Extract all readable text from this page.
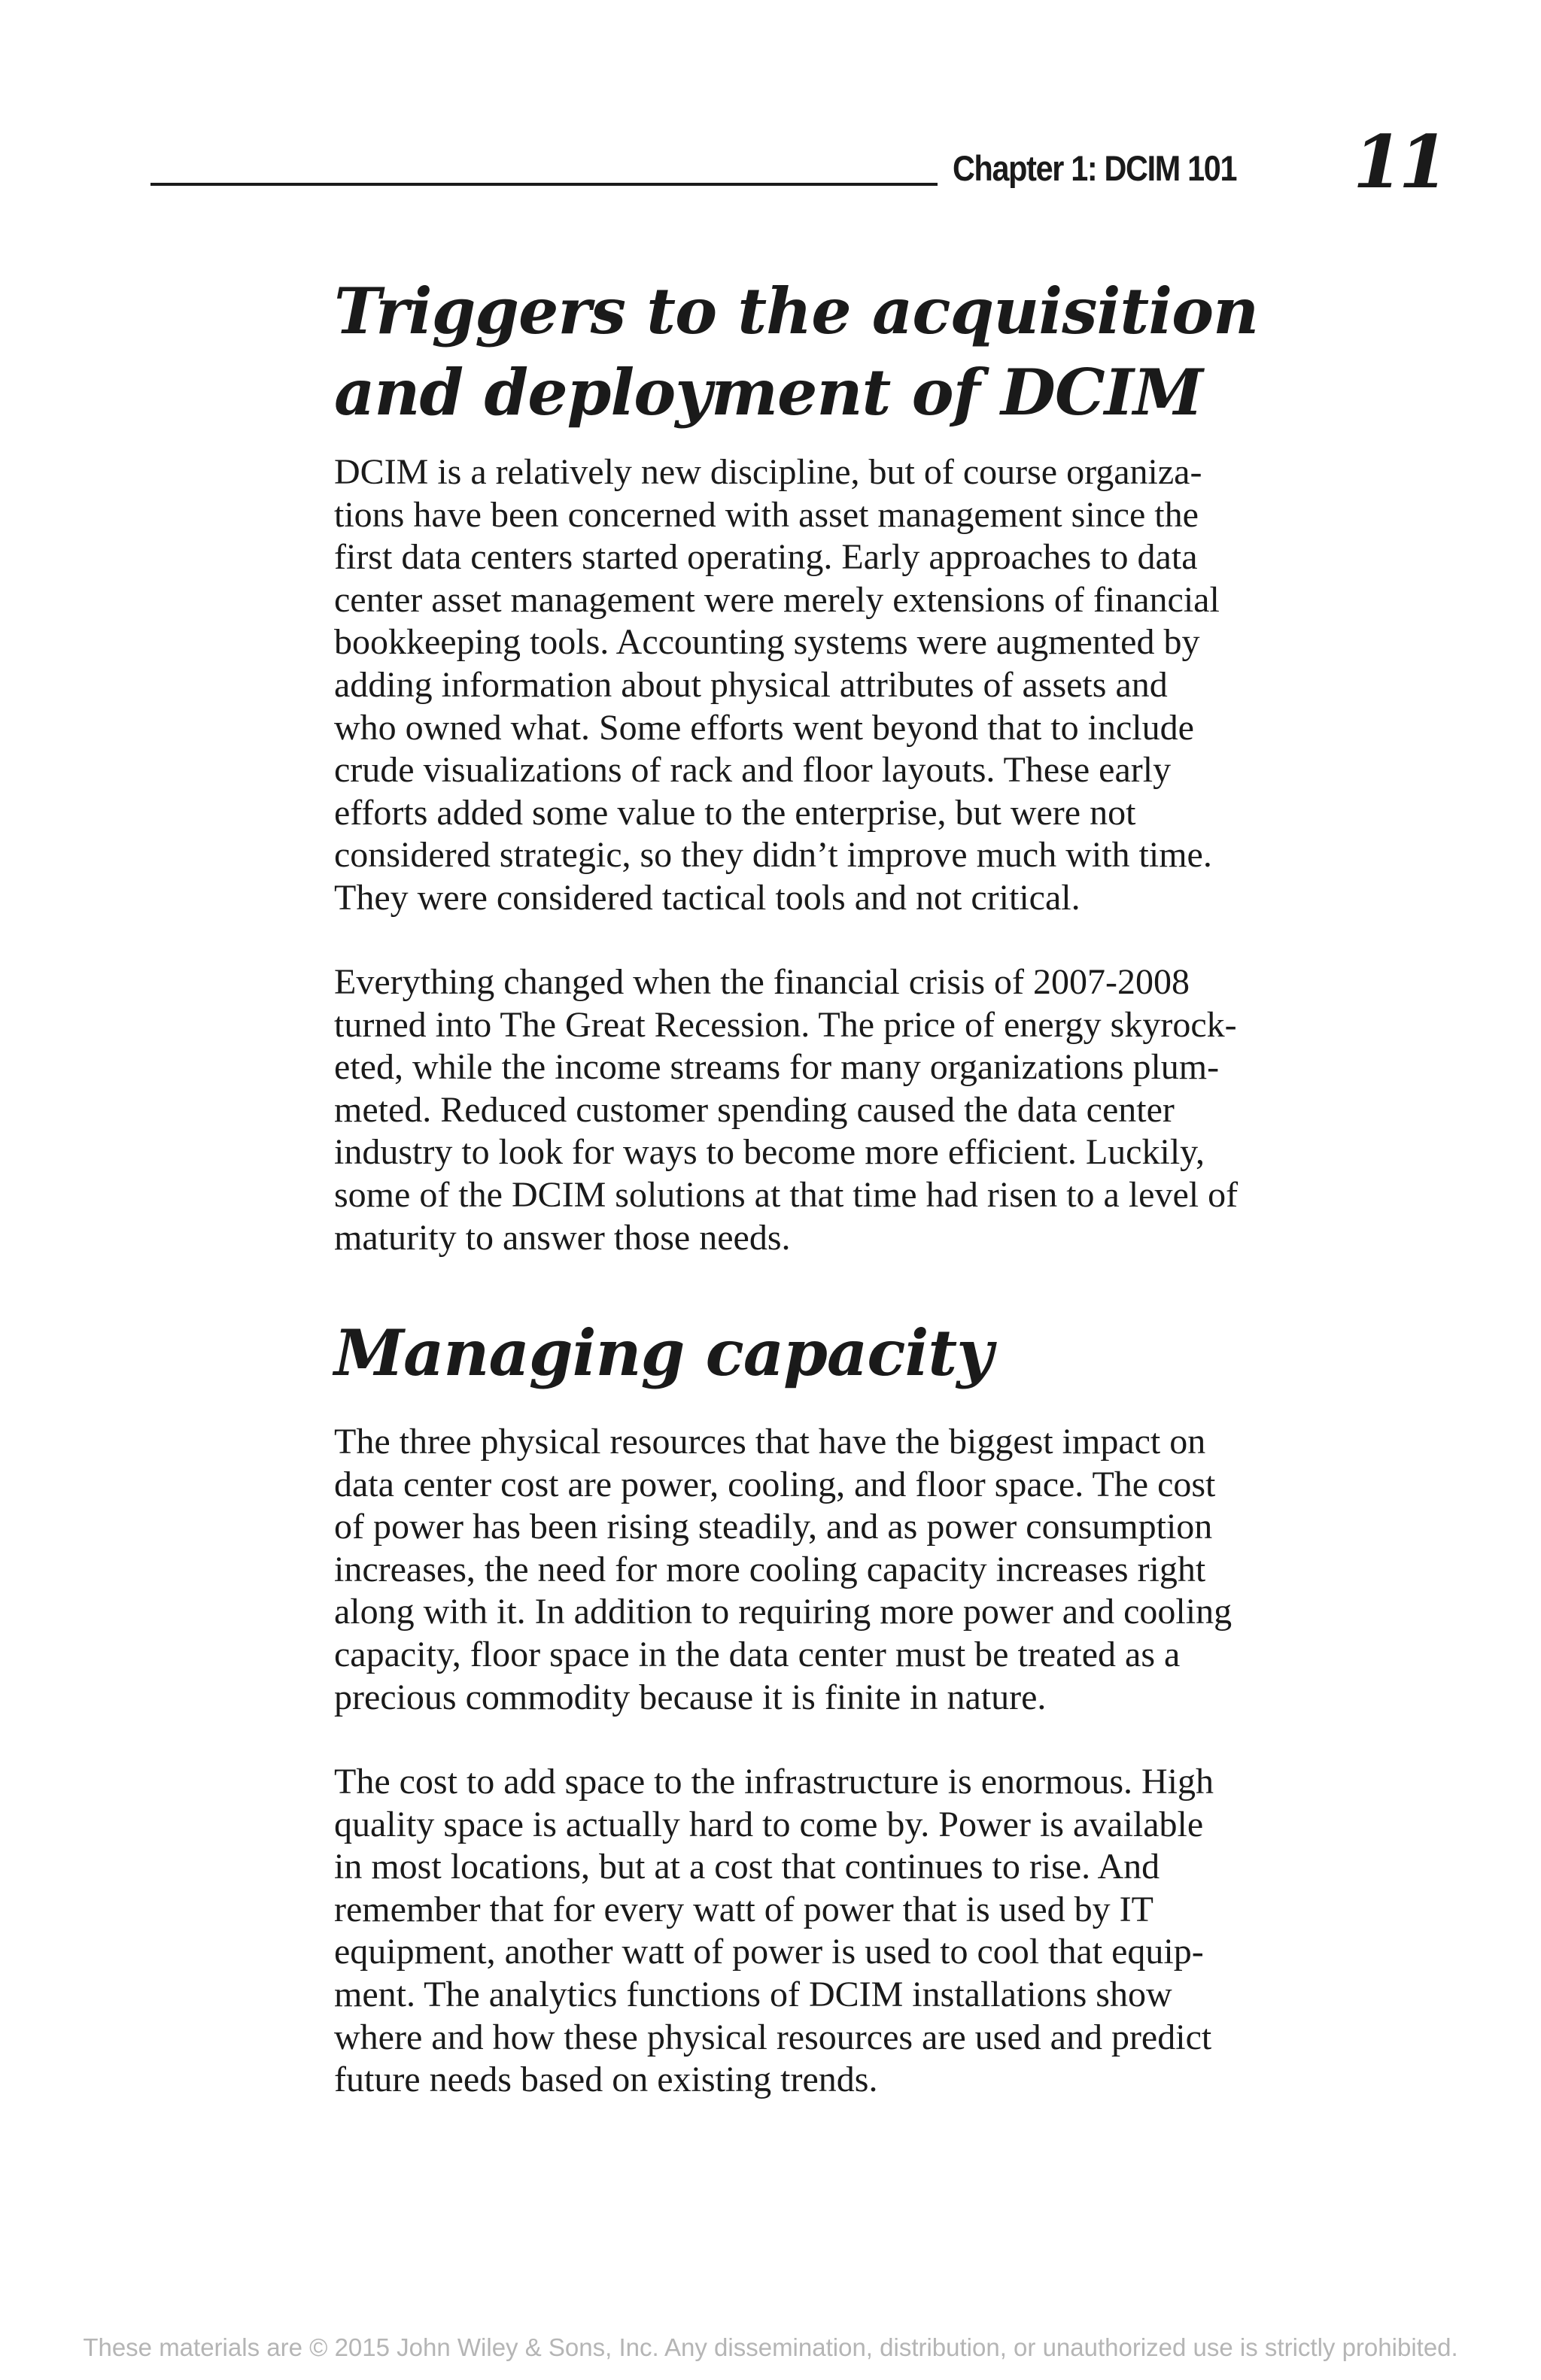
Chapter 1: DCIM 101 11
Triggers to the acquisition
and deployment of DCIM

DCIM is a relatively new discipline, but of course organiza-
tions have been concerned with asset management since the
first data centers started operating. Early approaches to data
center asset management were merely extensions of financial
bookkeeping tools. Accounting systems were augmented by
adding information about physical attributes of assets and
who owned what. Some efforts went beyond that to include
crude visualizations of rack and floor layouts. These early
efforts added some value to the enterprise, but were not
considered strategic, so they didn’t improve much with time.
They were considered tactical tools and not critical.

Everything changed when the financial crisis of 2007-2008
turned into The Great Recession. The price of energy skyrock-
eted, while the income streams for many organizations plum-
meted. Reduced customer spending caused the data center
industry to look for ways to become more efficient. Luckily,
some of the DCIM solutions at that time had risen to a level of
maturity to answer those needs.

Managing capacity

The three physical resources that have the biggest impact on
data center cost are power, cooling, and floor space. The cost
of power has been rising steadily, and as power consumption
increases, the need for more cooling capacity increases right
along with it. In addition to requiring more power and cooling
capacity, floor space in the data center must be treated as a
precious commodity because it is finite in nature.

The cost to add space to the infrastructure is enormous. High
quality space is actually hard to come by. Power is available
in most locations, but at a cost that continues to rise. And
remember that for every watt of power that is used by IT
equipment, another watt of power is used to cool that equip-
ment. The analytics functions of DCIM installations show
where and how these physical resources are used and predict
future needs based on existing trends.

These materials are © 2015 John Wiley & Sons, Inc. Any dissemination, distribution, or unauthorized use is strictly prohibited.
